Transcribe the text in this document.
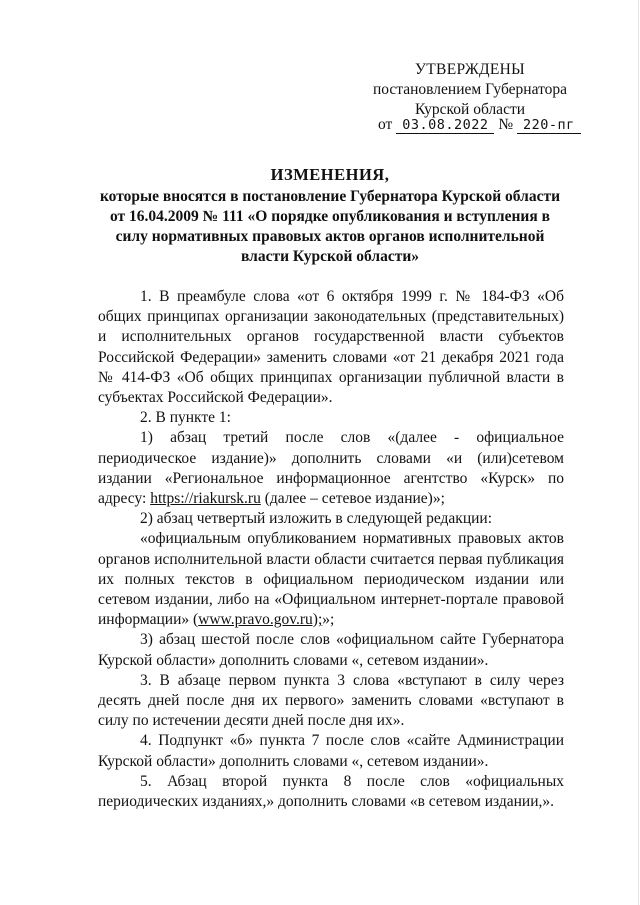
УТВЕРЖДЕНЫ
постановлением Губернатора
Курской области
от 03.08.2022 № 220-пг
ИЗМЕНЕНИЯ,
которые вносятся в постановление Губернатора Курской области
от 16.04.2009 № 111 «О порядке опубликования и вступления в
силу нормативных правовых актов органов исполнительной
власти Курской области»

1. В преамбуле слова «от 6 октября 1999 г. № 184-ФЗ «Об общих принципах организации законодательных (представительных) и исполнительных органов государственной власти субъектов Российской Федерации» заменить словами «от 21 декабря 2021 года № 414-ФЗ «Об общих принципах организации публичной власти в субъектах Российской Федерации».

2. В пункте 1:

1) абзац третий после слов «(далее - официальное периодическое издание)» дополнить словами «и (или)сетевом издании «Региональное информационное агентство «Курск» по адресу: https://riakursk.ru (далее – сетевое издание)»;

2) абзац четвертый изложить в следующей редакции:

«официальным опубликованием нормативных правовых актов органов исполнительной власти области считается первая публикация их полных текстов в официальном периодическом издании или сетевом издании, либо на «Официальном интернет-портале правовой информации» (www.pravo.gov.ru);»;

3) абзац шестой после слов «официальном сайте Губернатора Курской области» дополнить словами «, сетевом издании».

3. В абзаце первом пункта 3 слова «вступают в силу через десять дней после дня их первого» заменить словами «вступают в силу по истечении десяти дней после дня их».

4. Подпункт «б» пункта 7 после слов «сайте Администрации Курской области» дополнить словами «, сетевом издании».

5. Абзац второй пункта 8 после слов «официальных периодических изданиях,» дополнить словами «в сетевом издании,».
